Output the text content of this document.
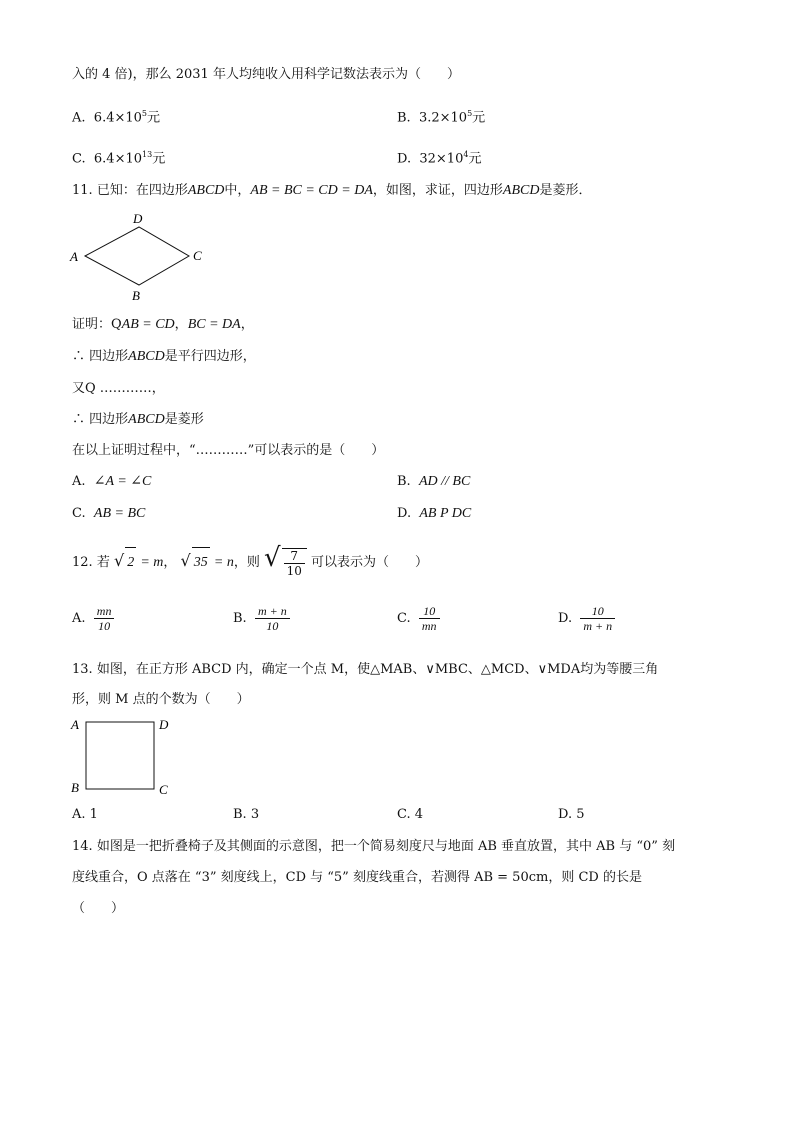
入的 4 倍)，那么 2031 年人均纯收入用科学记数法表示为（　　）
A. $6.4\times 10^5$元	B. $3.2\times 10^5$元
C. $6.4\times 10^{13}$元	D. $32\times 10^4$元
11. 已知：在四边形ABCD中，AB = BC = CD = DA，如图，求证，四边形ABCD是菱形．
A
D
C
B
证明：QAB = CD，BC = DA，
∴ 四边形ABCD是平行四边形，
又Q …………，
∴ 四边形ABCD是菱形
在以上证明过程中，“…………”可以表示的是（　　）
A. ∠A = ∠C	B. AD // BC
C. AB = BC	D. AB P DC
12. 若 √ 2 = m， √ 35 = n，则 √ $\frac{7}{10}$ 可以表示为（　　）
A. $\frac{mn}{10}$	B. $\frac{m + n}{10}$	C. $\frac{10}{mn}$	D. $\frac{10}{m + n}$
13. 如图，在正方形 ABCD 内，确定一个点 M，使△MAB、∨MBC、△MCD、∨MDA均为等腰三角
形，则 M 点的个数为（　　）
A	D
B	C
A. 1	B. 3	C. 4	D. 5
14. 如图是一把折叠椅子及其侧面的示意图，把一个简易刻度尺与地面 AB 垂直放置，其中 AB 与 “0” 刻
度线重合，O 点落在 “3” 刻度线上，CD 与 “5” 刻度线重合，若测得 AB = 50cm，则 CD 的长是
（　　）
